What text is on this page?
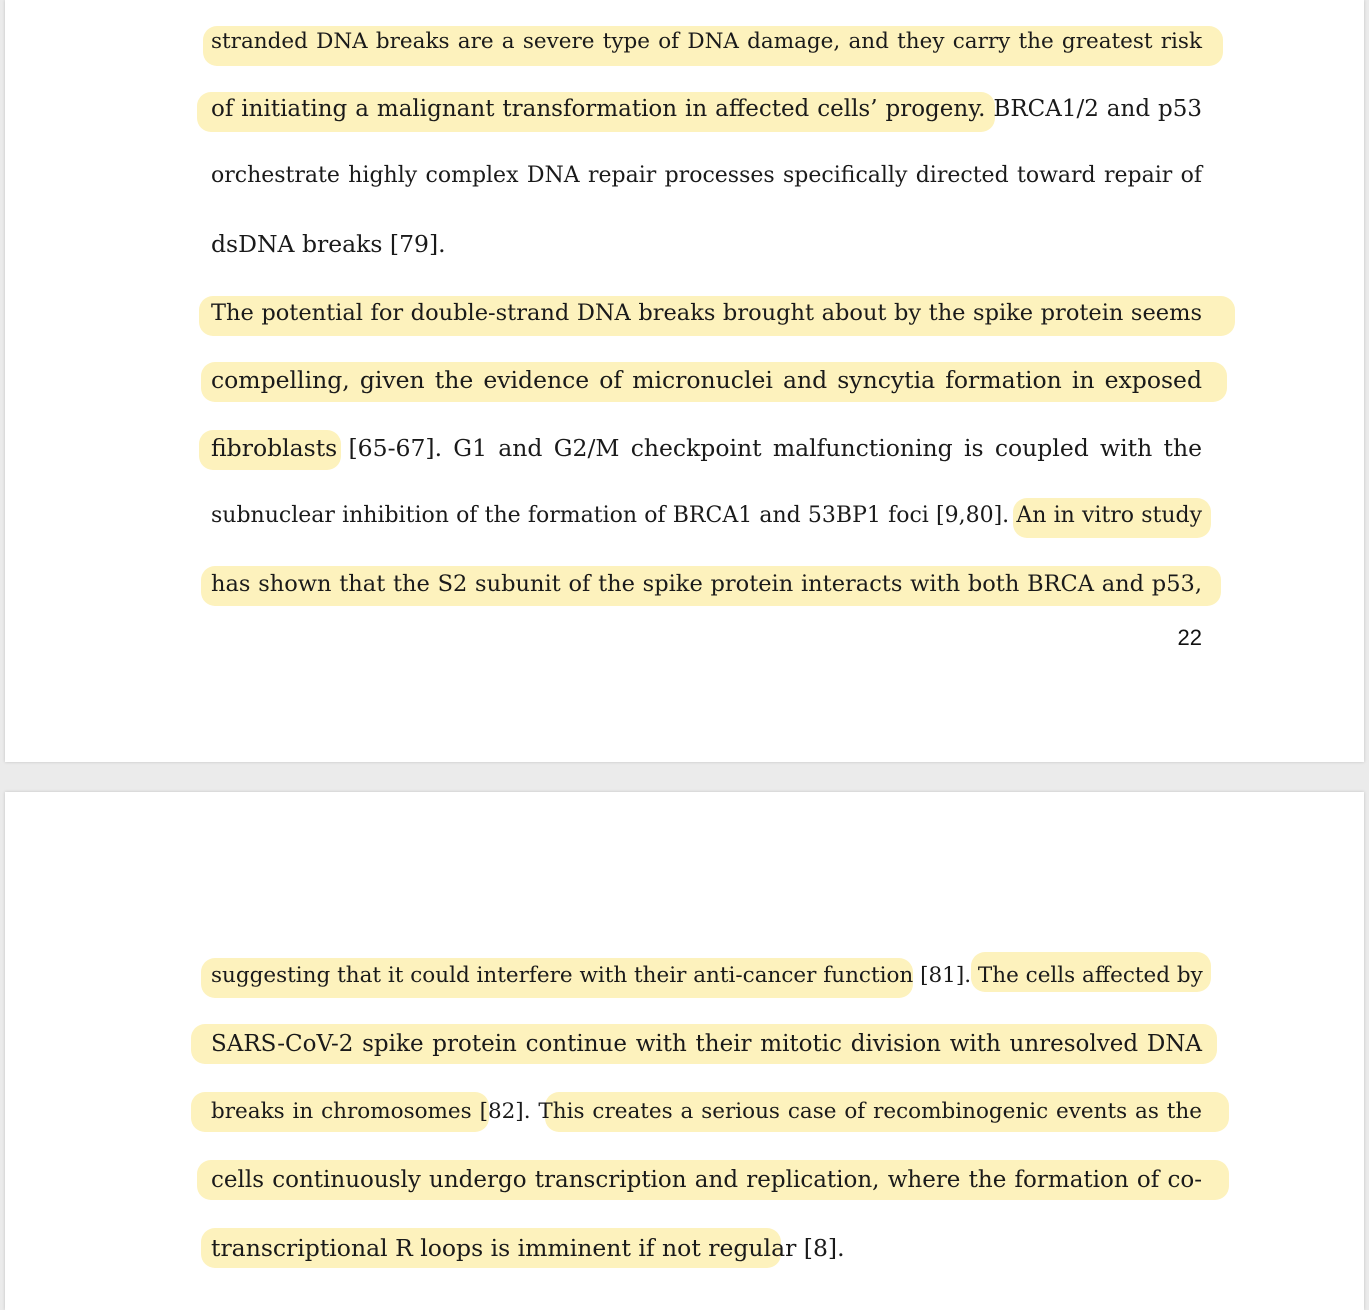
stranded DNA breaks are a severe type of DNA damage, and they carry the greatest risk
of initiating a malignant transformation in affected cells’ progeny. BRCA1/2 and p53
orchestrate highly complex DNA repair processes specifically directed toward repair of
dsDNA breaks [79].
The potential for double-strand DNA breaks brought about by the spike protein seems
compelling, given the evidence of micronuclei and syncytia formation in exposed
fibroblasts [65-67]. G1 and G2/M checkpoint malfunctioning is coupled with the
subnuclear inhibition of the formation of BRCA1 and 53BP1 foci [9,80]. An in vitro study
has shown that the S2 subunit of the spike protein interacts with both BRCA and p53,
22
suggesting that it could interfere with their anti-cancer function [81]. The cells affected by
SARS-CoV-2 spike protein continue with their mitotic division with unresolved DNA
breaks in chromosomes [82]. This creates a serious case of recombinogenic events as the
cells continuously undergo transcription and replication, where the formation of co-
transcriptional R loops is imminent if not regular [8].
